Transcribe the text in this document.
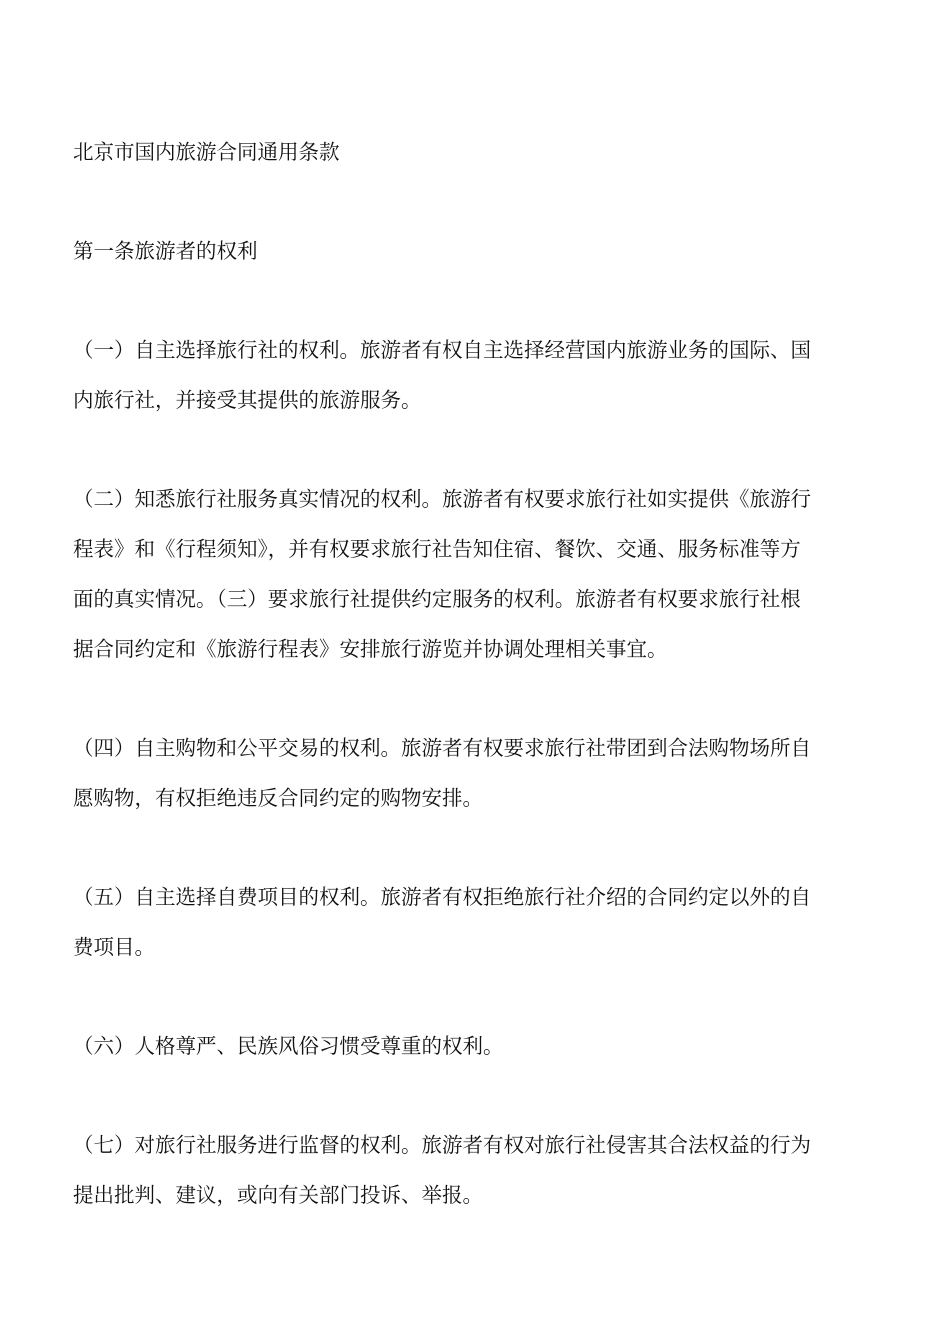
北京市国内旅游合同通用条款

第一条旅游者的权利

（一）自主选择旅行社的权利。旅游者有权自主选择经营国内旅游业务的国际、国

内旅行社，并接受其提供的旅游服务。

（二）知悉旅行社服务真实情况的权利。旅游者有权要求旅行社如实提供《旅游行

程表》和《行程须知》，并有权要求旅行社告知住宿、餐饮、交通、服务标准等方

面的真实情况。（三）要求旅行社提供约定服务的权利。旅游者有权要求旅行社根

据合同约定和《旅游行程表》安排旅行游览并协调处理相关事宜。

（四）自主购物和公平交易的权利。旅游者有权要求旅行社带团到合法购物场所自

愿购物，有权拒绝违反合同约定的购物安排。

（五）自主选择自费项目的权利。旅游者有权拒绝旅行社介绍的合同约定以外的自

费项目。

（六）人格尊严、民族风俗习惯受尊重的权利。

（七）对旅行社服务进行监督的权利。旅游者有权对旅行社侵害其合法权益的行为

提出批判、建议，或向有关部门投诉、举报。
